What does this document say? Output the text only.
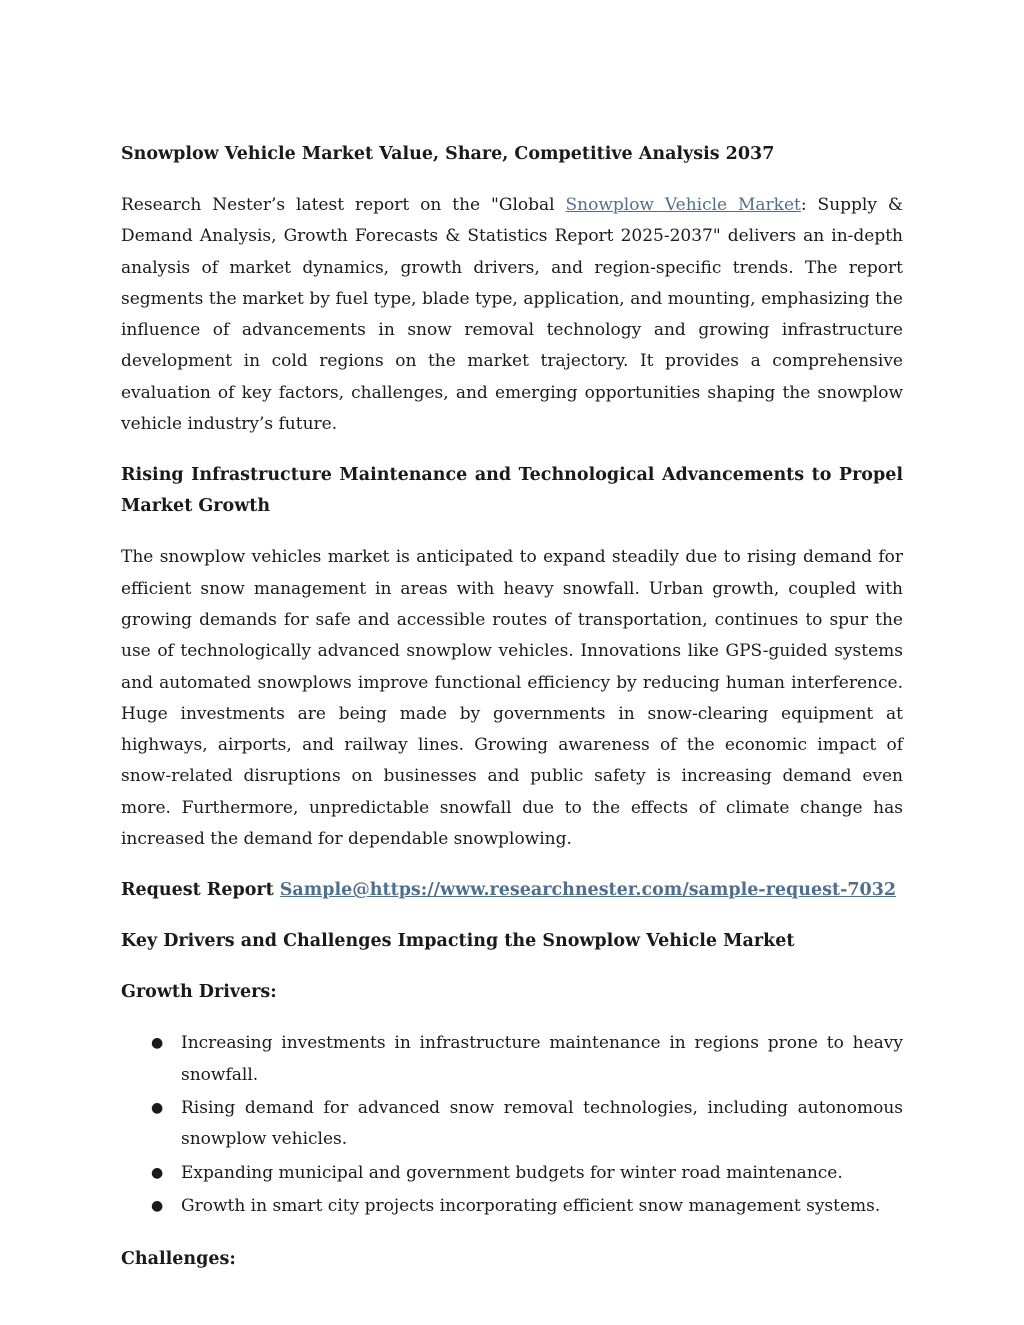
Snowplow Vehicle Market Value, Share, Competitive Analysis 2037

Research Nester’s latest report on the "Global Snowplow Vehicle Market: Supply & Demand Analysis, Growth Forecasts & Statistics Report 2025-2037" delivers an in-depth analysis of market dynamics, growth drivers, and region-specific trends. The report segments the market by fuel type, blade type, application, and mounting, emphasizing the influence of advancements in snow removal technology and growing infrastructure development in cold regions on the market trajectory. It provides a comprehensive evaluation of key factors, challenges, and emerging opportunities shaping the snowplow vehicle industry’s future.

Rising Infrastructure Maintenance and Technological Advancements to Propel Market Growth

The snowplow vehicles market is anticipated to expand steadily due to rising demand for efficient snow management in areas with heavy snowfall. Urban growth, coupled with growing demands for safe and accessible routes of transportation, continues to spur the use of technologically advanced snowplow vehicles. Innovations like GPS-guided systems and automated snowplows improve functional efficiency by reducing human interference. Huge investments are being made by governments in snow-clearing equipment at highways, airports, and railway lines. Growing awareness of the economic impact of snow-related disruptions on businesses and public safety is increasing demand even more. Furthermore, unpredictable snowfall due to the effects of climate change has increased the demand for dependable snowplowing.

Request Report Sample@https://www.researchnester.com/sample-request-7032

Key Drivers and Challenges Impacting the Snowplow Vehicle Market
Growth Drivers:
● Increasing investments in infrastructure maintenance in regions prone to heavy snowfall.
● Rising demand for advanced snow removal technologies, including autonomous snowplow vehicles.
● Expanding municipal and government budgets for winter road maintenance.
● Growth in smart city projects incorporating efficient snow management systems.
Challenges:
